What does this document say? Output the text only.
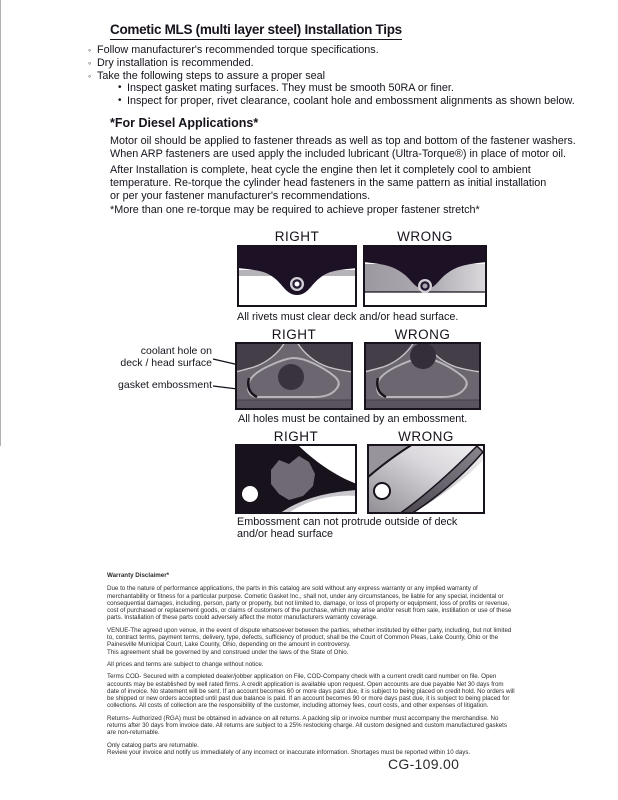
Cometic MLS (multi layer steel) Installation Tips
◦ Follow manufacturer's recommended torque specifications.
◦ Dry installation is recommended.
◦ Take the following steps to assure a proper seal
• Inspect gasket mating surfaces. They must be smooth 50RA or finer.
• Inspect for proper, rivet clearance, coolant hole and embossment alignments as shown below.
*For Diesel Applications*
Motor oil should be applied to fastener threads as well as top and bottom of the fastener washers.
When ARP fasteners are used apply the included lubricant (Ultra-Torque®) in place of motor oil.
After Installation is complete, heat cycle the engine then let it completely cool to ambient
temperature. Re-torque the cylinder head fasteners in the same pattern as initial installation
or per your fastener manufacturer's recommendations.
*More than one re-torque may be required to achieve proper fastener stretch*
RIGHT	WRONG
All rivets must clear deck and/or head surface.
RIGHT	WRONG
coolant hole on
deck / head surface
gasket embossment
All holes must be contained by an embossment.
RIGHT	WRONG
Embossment can not protrude outside of deck
and/or head surface
Warranty Disclaimer*
Due to the nature of performance applications, the parts in this catalog are sold without any express warranty or any implied warranty of merchantability or fitness for a particular purpose. Cometic Gasket Inc., shall not, under any circumstances, be liable for any special, incidental or consequential damages, including, person, party or property, but not limited to, damage, or loss of property or equipment, loss of profits or revenue, cost of purchased or replacement goods, or claims of customers of the purchase, which may arise and/or result from sale, instillation or use of these parts. Installation of these parts could adversely affect the motor manufacturers warranty coverage.
VENUE-The agreed upon venue, in the event of dispute whatsoever between the parties, whether instituted by either party, including, but not limited to, contract terms, payment terms, delivery, type, defects, sufficiency of product, shall be the Court of Common Pleas, Lake County, Ohio or the Painesville Municipal Court, Lake County, Ohio, depending on the amount in controversy.
This agreement shall be governed by and construed under the laws of the State of Ohio.
All prices and terms are subject to change without notice.
Terms COD- Secured with a completed dealer/jobber application on File, COD-Company check with a current credit card number on file. Open accounts may be established by well rated firms. A credit application is available upon request. Open accounts are due payable Net 30 days from date of invoice. No statement will be sent. If an account becomes 60 or more days past due, it is subject to being placed on credit hold. No orders will be shipped or new orders accepted until past due balance is paid. If an account becomes 90 or more days past due, it is subject to being placed for collections. All costs of collection are the responsibility of the customer, including attorney fees, court costs, and other expenses of litigation.
Returns- Authorized (RGA) must be obtained in advance on all returns. A packing slip or invoice number must accompany the merchandise. No returns after 30 days from invoice date. All returns are subject to a 25% restocking charge. All custom designed and custom manufactured gaskets are non-returnable.
Only catalog parts are returnable.
Review your invoice and notify us immediately of any incorrect or inaccurate information. Shortages must be reported within 10 days.
CG-109.00
